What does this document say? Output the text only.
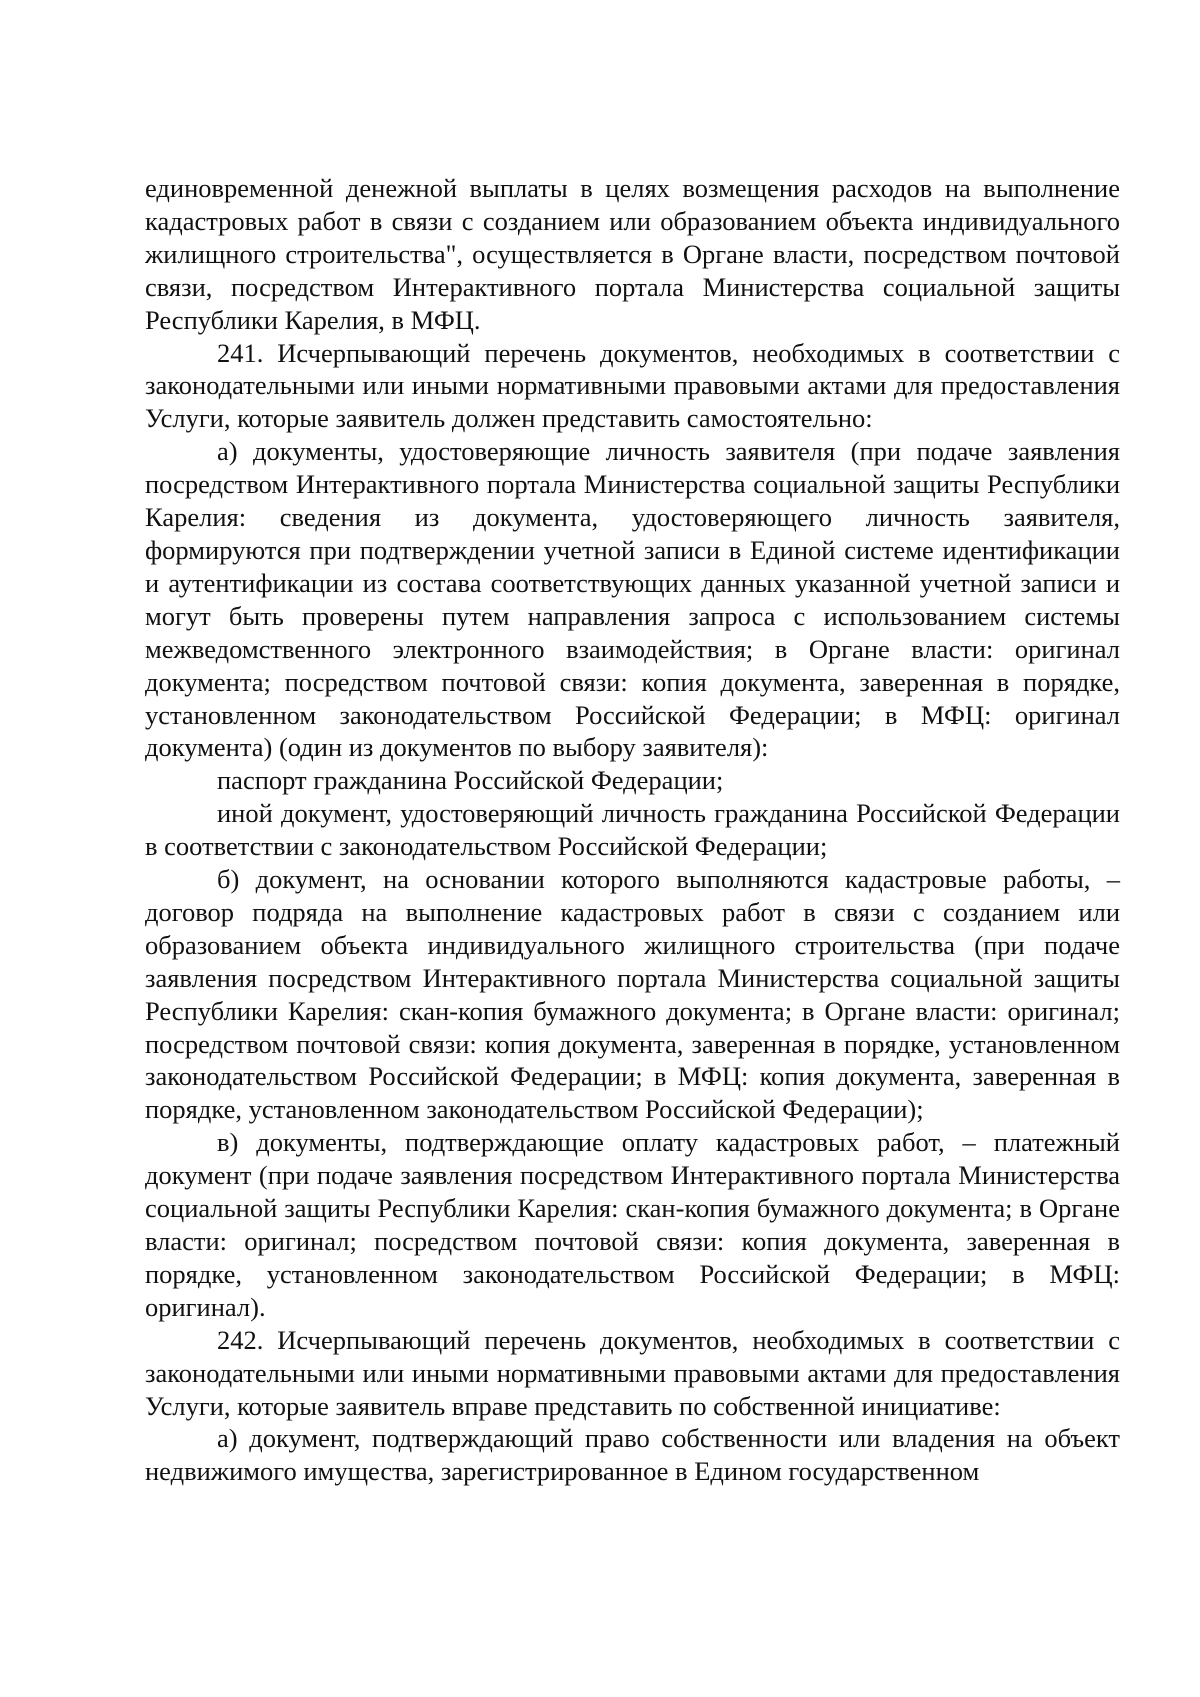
единовременной денежной выплаты в целях возмещения расходов на выполнение кадастровых работ в связи с созданием или образованием объекта индивидуального жилищного строительства", осуществляется в Органе власти, посредством почтовой связи, посредством Интерактивного портала Министерства социальной защиты Республики Карелия, в МФЦ.

241. Исчерпывающий перечень документов, необходимых в соответствии с законодательными или иными нормативными правовыми актами для предоставления Услуги, которые заявитель должен представить самостоятельно:

а) документы, удостоверяющие личность заявителя (при подаче заявления посредством Интерактивного портала Министерства социальной защиты Республики Карелия: сведения из документа, удостоверяющего личность заявителя, формируются при подтверждении учетной записи в Единой системе идентификации и аутентификации из состава соответствующих данных указанной учетной записи и могут быть проверены путем направления запроса с использованием системы межведомственного электронного взаимодействия; в Органе власти: оригинал документа; посредством почтовой связи: копия документа, заверенная в порядке, установленном законодательством Российской Федерации; в МФЦ: оригинал документа) (один из документов по выбору заявителя):

паспорт гражданина Российской Федерации;

иной документ, удостоверяющий личность гражданина Российской Федерации в соответствии с законодательством Российской Федерации;

б) документ, на основании которого выполняются кадастровые работы, – договор подряда на выполнение кадастровых работ в связи с созданием или образованием объекта индивидуального жилищного строительства (при подаче заявления посредством Интерактивного портала Министерства социальной защиты Республики Карелия: скан-копия бумажного документа; в Органе власти: оригинал; посредством почтовой связи: копия документа, заверенная в порядке, установленном законодательством Российской Федерации; в МФЦ: копия документа, заверенная в порядке, установленном законодательством Российской Федерации);

в) документы, подтверждающие оплату кадастровых работ, – платежный документ (при подаче заявления посредством Интерактивного портала Министерства социальной защиты Республики Карелия: скан-копия бумажного документа; в Органе власти: оригинал; посредством почтовой связи: копия документа, заверенная в порядке, установленном законодательством Российской Федерации; в МФЦ: оригинал).

242. Исчерпывающий перечень документов, необходимых в соответствии с законодательными или иными нормативными правовыми актами для предоставления Услуги, которые заявитель вправе представить по собственной инициативе:

а) документ, подтверждающий право собственности или владения на объект недвижимого имущества, зарегистрированное в Едином государственном
